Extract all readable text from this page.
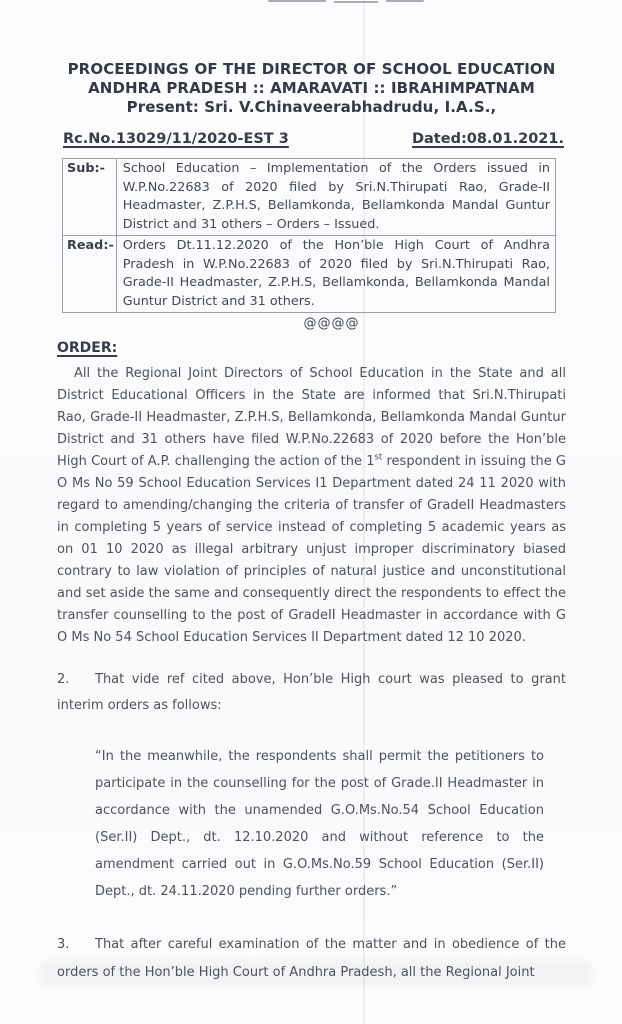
PROCEEDINGS OF THE DIRECTOR OF SCHOOL EDUCATION
ANDHRA PRADESH :: AMARAVATI :: IBRAHIMPATNAM
Present: Sri. V.Chinaveerabhadrudu, I.A.S.,
Rc.No.13029/11/2020-EST 3	Dated:08.01.2021.
Sub:-	School Education – Implementation of the Orders issued in W.P.No.22683 of 2020 filed by Sri.N.Thirupati Rao, Grade-II Headmaster, Z.P.H.S, Bellamkonda, Bellamkonda Mandal Guntur District and 31 others – Orders – Issued.
Read:-	Orders Dt.11.12.2020 of the Hon’ble High Court of Andhra Pradesh in W.P.No.22683 of 2020 filed by Sri.N.Thirupati Rao, Grade-II Headmaster, Z.P.H.S, Bellamkonda, Bellamkonda Mandal Guntur District and 31 others.
@@@@
ORDER:

All the Regional Joint Directors of School Education in the State and all District Educational Officers in the State are informed that Sri.N.Thirupati Rao, Grade-II Headmaster, Z.P.H.S, Bellamkonda, Bellamkonda Mandal Guntur District and 31 others have filed W.P.No.22683 of 2020 before the Hon’ble High Court of A.P. challenging the action of the 1st respondent in issuing the G O Ms No 59 School Education Services I1 Department dated 24 11 2020 with regard to amending/changing the criteria of transfer of GradeII Headmasters in completing 5 years of service instead of completing 5 academic years as on 01 10 2020 as illegal arbitrary unjust improper discriminatory biased contrary to law violation of principles of natural justice and unconstitutional and set aside the same and consequently direct the respondents to effect the transfer counselling to the post of GradeII Headmaster in accordance with G O Ms No 54 School Education Services II Department dated 12 10 2020.

2. That vide ref cited above, Hon’ble High court was pleased to grant interim orders as follows:

“In the meanwhile, the respondents shall permit the petitioners to participate in the counselling for the post of Grade.II Headmaster in accordance with the unamended G.O.Ms.No.54 School Education (Ser.II) Dept., dt. 12.10.2020 and without reference to the amendment carried out in G.O.Ms.No.59 School Education (Ser.II) Dept., dt. 24.11.2020 pending further orders.”

3. That after careful examination of the matter and in obedience of the orders of the Hon’ble High Court of Andhra Pradesh, all the Regional Joint
